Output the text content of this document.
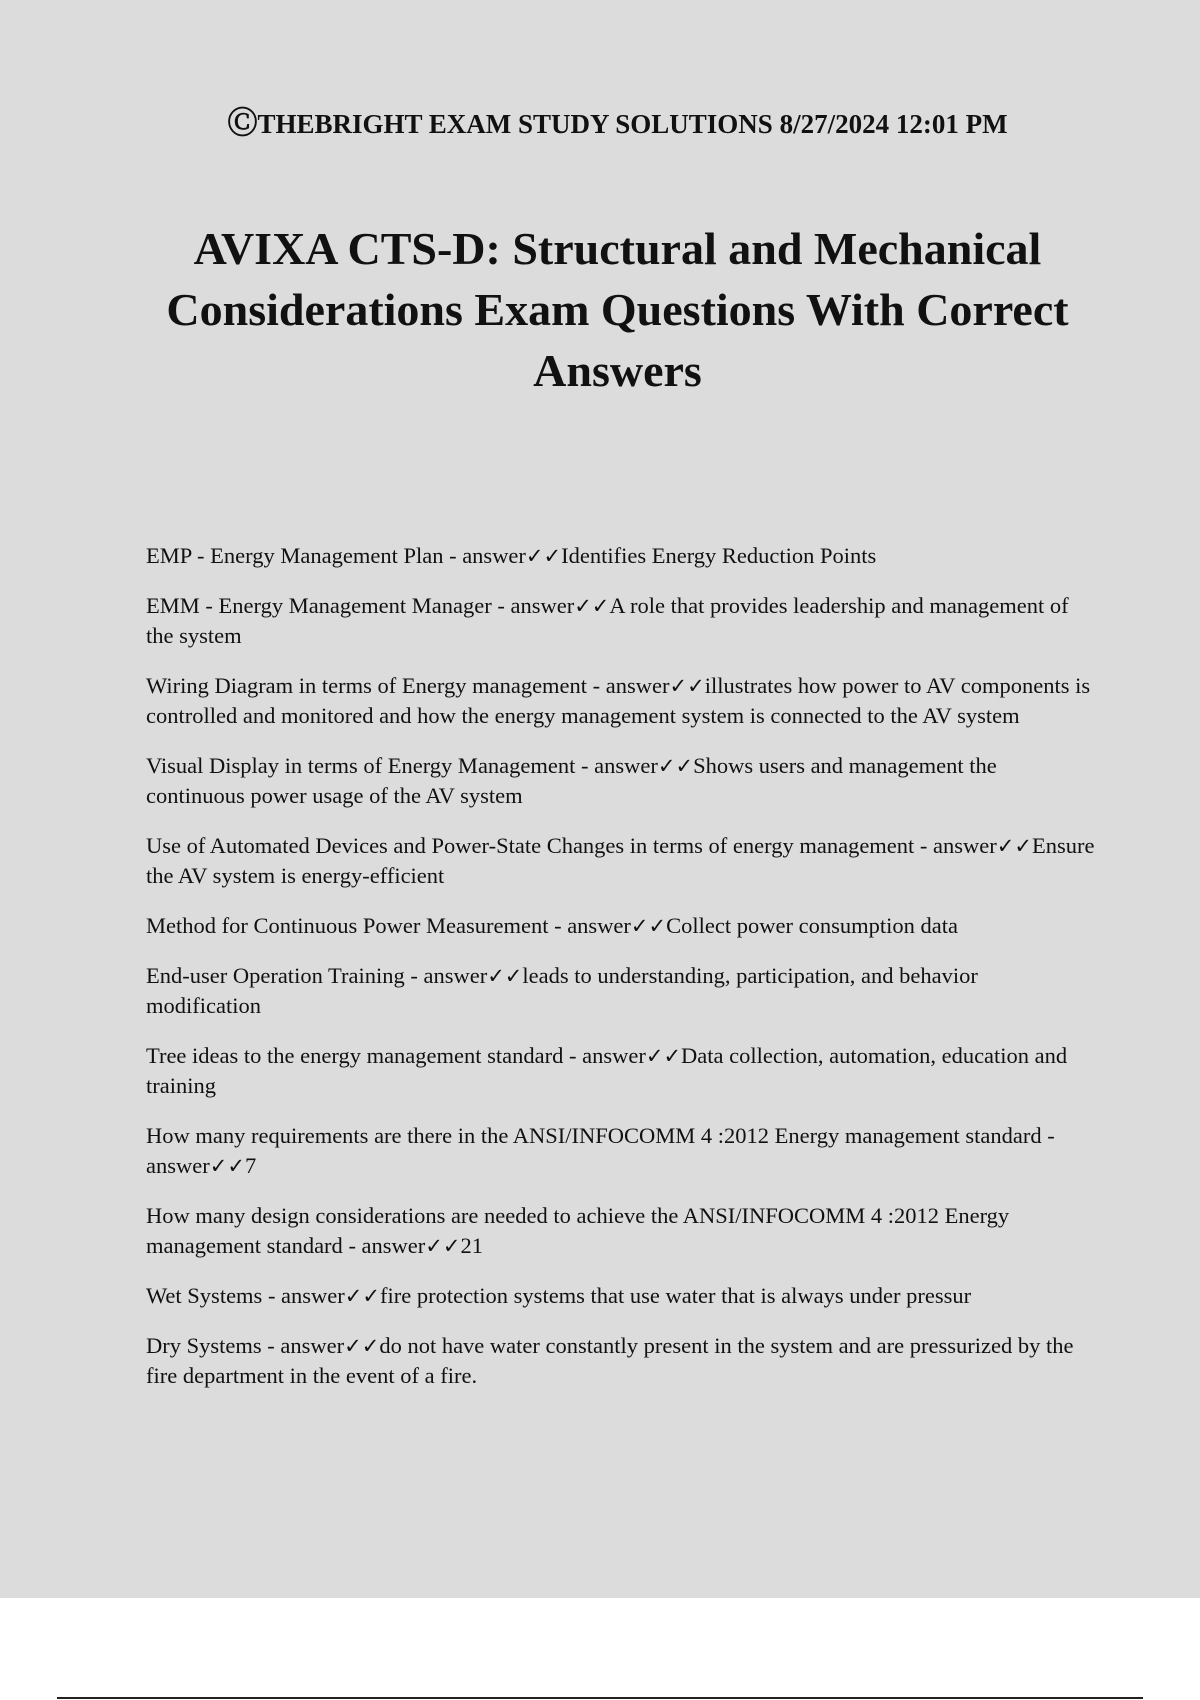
ⒸTHEBRIGHT EXAM STUDY SOLUTIONS 8/27/2024 12:01 PM
AVIXA CTS-D: Structural and Mechanical Considerations Exam Questions With Correct Answers
EMP - Energy Management Plan - answer✓✓Identifies Energy Reduction Points
EMM - Energy Management Manager - answer✓✓A role that provides leadership and management of the system
Wiring Diagram in terms of Energy management - answer✓✓illustrates how power to AV components is controlled and monitored and how the energy management system is connected to the AV system
Visual Display in terms of Energy Management - answer✓✓Shows users and management the continuous power usage of the AV system
Use of Automated Devices and Power-State Changes in terms of energy management - answer✓✓Ensure the AV system is energy-efficient
Method for Continuous Power Measurement - answer✓✓Collect power consumption data
End-user Operation Training - answer✓✓leads to understanding, participation, and behavior modification
Tree ideas to the energy management standard - answer✓✓Data collection, automation, education and training
How many requirements are there in the ANSI/INFOCOMM 4 :2012 Energy management standard - answer✓✓7
How many design considerations are needed to achieve the ANSI/INFOCOMM 4 :2012 Energy management standard - answer✓✓21
Wet Systems - answer✓✓fire protection systems that use water that is always under pressur
Dry Systems - answer✓✓do not have water constantly present in the system and are pressurized by the fire department in the event of a fire.
